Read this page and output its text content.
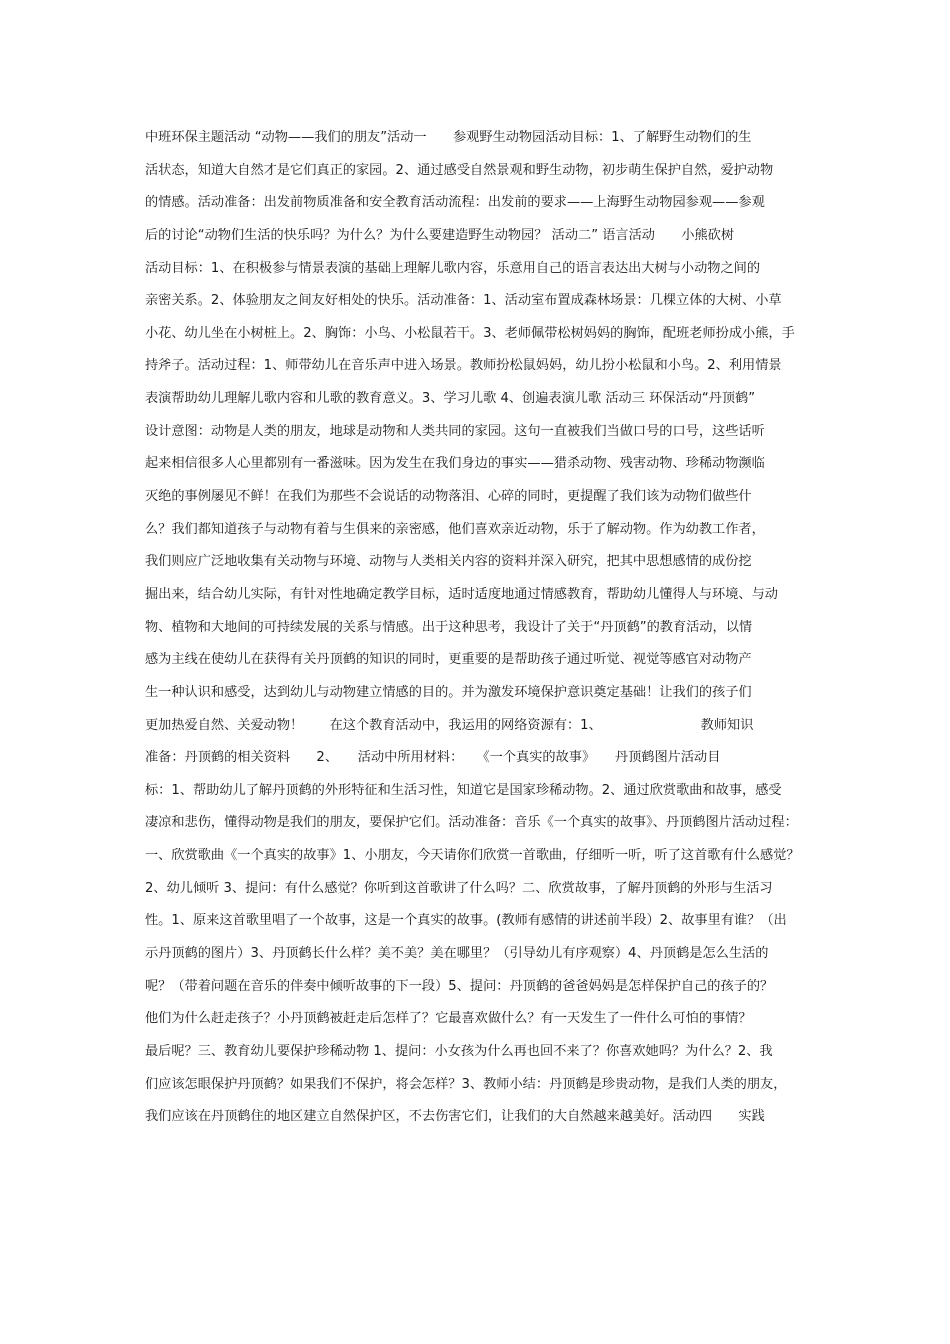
中班环保主题活动 “动物——我们的朋友”活动一　　参观野生动物园活动目标：1、了解野生动物们的生
活状态，知道大自然才是它们真正的家园。2、通过感受自然景观和野生动物，初步萌生保护自然，爱护动物
的情感。活动准备：出发前物质准备和安全教育活动流程：出发前的要求——上海野生动物园参观——参观
后的讨论“动物们生活的快乐吗？为什么？为什么要建造野生动物园？ 活动二” 语言活动　　小熊砍树
活动目标：1、在积极参与情景表演的基础上理解儿歌内容，乐意用自己的语言表达出大树与小动物之间的
亲密关系。2、体验朋友之间友好相处的快乐。活动准备：1、活动室布置成森林场景：几棵立体的大树、小草
小花、幼儿坐在小树桩上。2、胸饰：小鸟、小松鼠若干。3、老师佩带松树妈妈的胸饰，配班老师扮成小熊，手
持斧子。活动过程：1、师带幼儿在音乐声中进入场景。教师扮松鼠妈妈，幼儿扮小松鼠和小鸟。2、利用情景
表演帮助幼儿理解儿歌内容和儿歌的教育意义。3、学习儿歌 4、创遍表演儿歌 活动三 环保活动“丹顶鹤”
设计意图：动物是人类的朋友，地球是动物和人类共同的家园。这句一直被我们当做口号的口号，这些话听
起来相信很多人心里都别有一番滋味。因为发生在我们身边的事实——猎杀动物、残害动物、珍稀动物濒临
灭绝的事例屡见不鲜！在我们为那些不会说话的动物落泪、心碎的同时，更提醒了我们该为动物们做些什
么？我们都知道孩子与动物有着与生俱来的亲密感，他们喜欢亲近动物，乐于了解动物。作为幼教工作者，
我们则应广泛地收集有关动物与环境、动物与人类相关内容的资料并深入研究，把其中思想感情的成份挖
掘出来，结合幼儿实际，有针对性地确定教学目标，适时适度地通过情感教育，帮助幼儿懂得人与环境、与动
物、植物和大地间的可持续发展的关系与情感。出于这种思考，我设计了关于“丹顶鹤”的教育活动，以情
感为主线在使幼儿在获得有关丹顶鹤的知识的同时，更重要的是帮助孩子通过听觉、视觉等感官对动物产
生一种认识和感受，达到幼儿与动物建立情感的目的。并为激发环境保护意识奠定基础！让我们的孩子们
更加热爱自然、关爱动物！　　在这个教育活动中，我运用的网络资源有：1、　　　　　　　　教师知识
准备：丹顶鹤的相关资料　　2、　　活动中所用材料：　　《一个真实的故事》　　丹顶鹤图片活动目
标：1、帮助幼儿了解丹顶鹤的外形特征和生活习性，知道它是国家珍稀动物。2、通过欣赏歌曲和故事，感受
凄凉和悲伤，懂得动物是我们的朋友，要保护它们。活动准备：音乐《一个真实的故事》、丹顶鹤图片活动过程：
一、欣赏歌曲《一个真实的故事》1、小朋友，今天请你们欣赏一首歌曲，仔细听一听，听了这首歌有什么感觉？
2、幼儿倾听 3、提问：有什么感觉？你听到这首歌讲了什么吗？二、欣赏故事，了解丹顶鹤的外形与生活习
性。1、原来这首歌里唱了一个故事，这是一个真实的故事。(教师有感情的讲述前半段）2、故事里有谁？（出
示丹顶鹤的图片）3、丹顶鹤长什么样？美不美？美在哪里？（引导幼儿有序观察）4、丹顶鹤是怎么生活的
呢？（带着问题在音乐的伴奏中倾听故事的下一段）5、提问：丹顶鹤的爸爸妈妈是怎样保护自己的孩子的？
他们为什么赶走孩子？小丹顶鹤被赶走后怎样了？它最喜欢做什么？有一天发生了一件什么可怕的事情？
最后呢？三、教育幼儿要保护珍稀动物 1、提问：小女孩为什么再也回不来了？你喜欢她吗？为什么？2、我
们应该怎眼保护丹顶鹤？如果我们不保护，将会怎样？3、教师小结：丹顶鹤是珍贵动物，是我们人类的朋友，
我们应该在丹顶鹤住的地区建立自然保护区，不去伤害它们，让我们的大自然越来越美好。活动四　　实践
